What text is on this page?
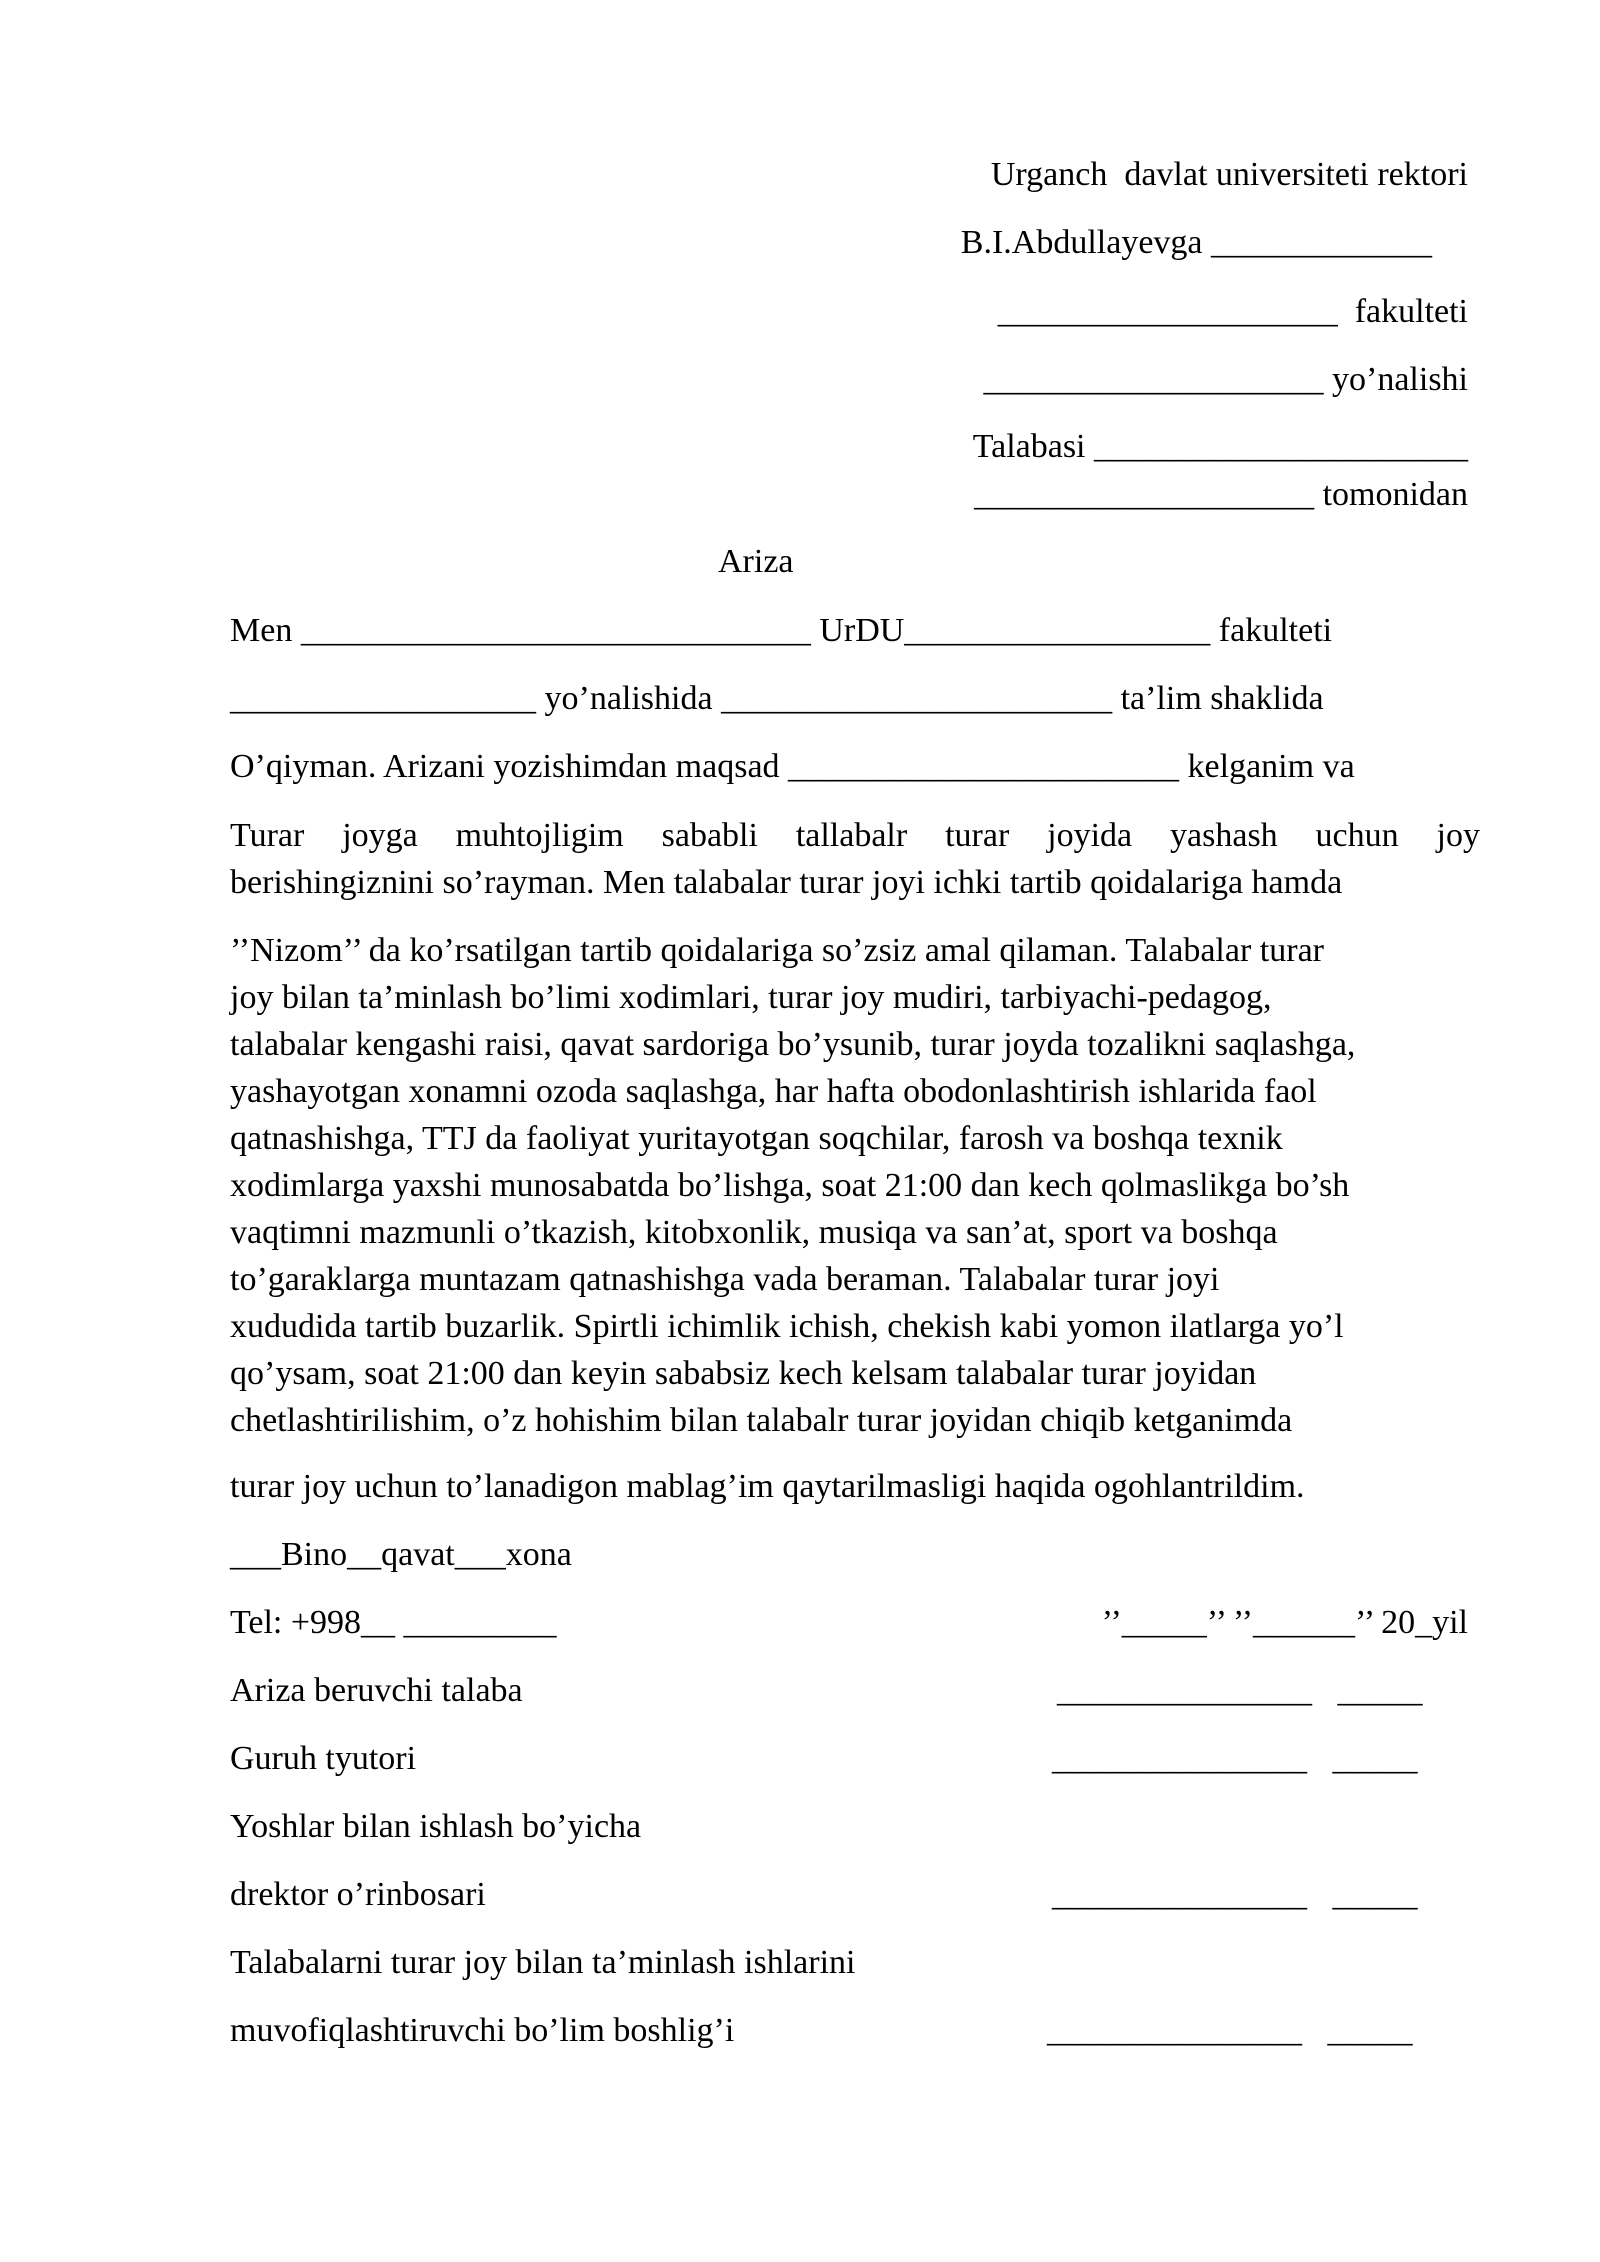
Urganch  davlat universiteti rektori
B.I.Abdullayevga _____________
____________________  fakulteti
____________________ yo’nalishi
Talabasi ______________________
____________________ tomonidan
Ariza
Men ______________________________ UrDU__________________ fakulteti
__________________ yo’nalishida _______________________ ta’lim shaklida
O’qiyman. Arizani yozishimdan maqsad _______________________ kelganim va

Turar joyga muhtojligim sababli tallabalr turar joyida yashash uchun joy

berishingiznini so’rayman. Men talabalar turar joyi ichki tartib qoidalariga hamda

’’Nizom’’ da ko’rsatilgan tartib qoidalariga so’zsiz amal qilaman. Talabalar turar

joy bilan ta’minlash bo’limi xodimlari, turar joy mudiri, tarbiyachi-pedagog,

talabalar kengashi raisi, qavat sardoriga bo’ysunib, turar joyda tozalikni saqlashga,

yashayotgan xonamni ozoda saqlashga, har hafta obodonlashtirish ishlarida faol

qatnashishga, TTJ da faoliyat yuritayotgan soqchilar, farosh va boshqa texnik

xodimlarga yaxshi munosabatda bo’lishga, soat 21:00 dan kech qolmaslikga bo’sh

vaqtimni mazmunli o’tkazish, kitobxonlik, musiqa va san’at, sport va boshqa

to’garaklarga muntazam qatnashishga vada beraman. Talabalar turar joyi

xududida tartib buzarlik. Spirtli ichimlik ichish, chekish kabi yomon ilatlarga yo’l

qo’ysam, soat 21:00 dan keyin sababsiz kech kelsam talabalar turar joyidan

chetlashtirilishim, o’z hohishim bilan talabalr turar joyidan chiqib ketganimda

turar joy uchun to’lanadigon mablag’im qaytarilmasligi haqida ogohlantrildim.
___Bino__qavat___xona
Tel: +998__ _________	’’_____’’ ’’______’’ 20_yil
Ariza beruvchi talaba	_______________   _____
Guruh tyutori	_______________   _____
Yoshlar bilan ishlash bo’yicha
drektor o’rinbosari	_______________   _____
Talabalarni turar joy bilan ta’minlash ishlarini
muvofiqlashtiruvchi bo’lim boshlig’i	_______________   _____
